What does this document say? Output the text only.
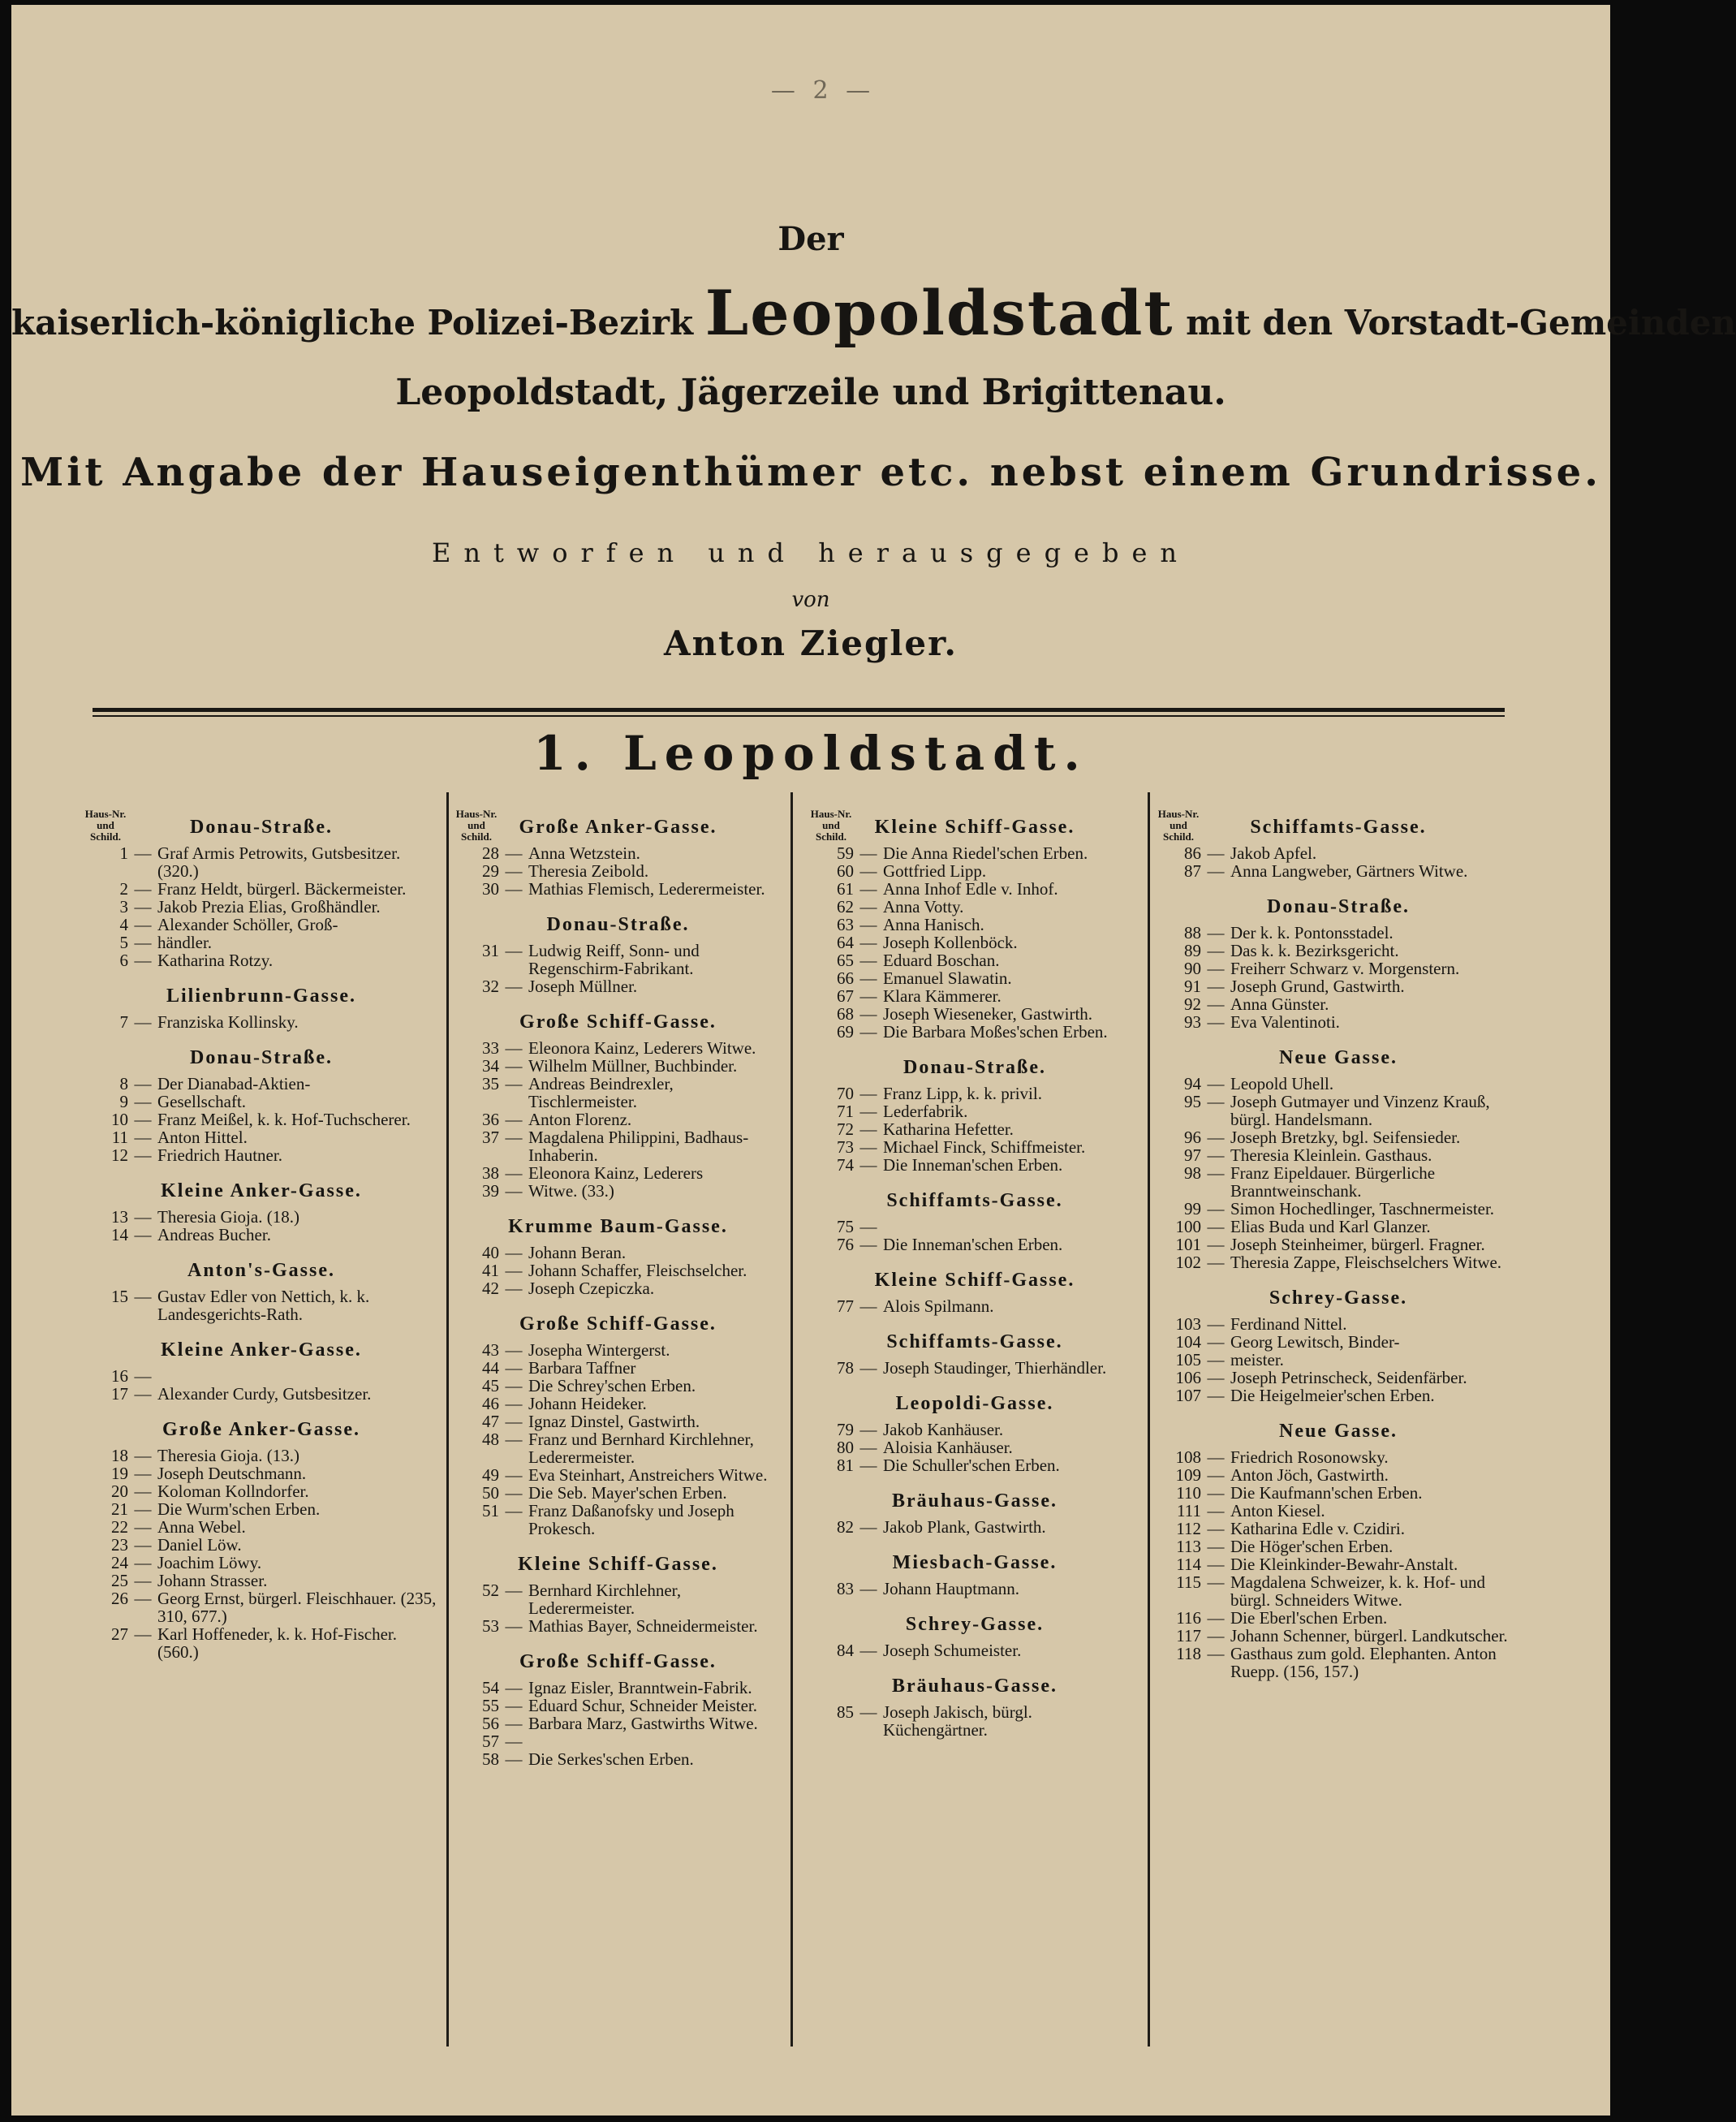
— 2 —
Der
kaiserlich-königliche Polizei-Bezirk Leopoldstadt mit den Vorstadt-Gemeinden
Leopoldstadt, Jägerzeile und Brigittenau.
Mit Angabe der Hauseigenthümer etc. nebst einem Grundrisse.
Entworfen und herausgegeben
von
Anton Ziegler.
1. Leopoldstadt.
Haus-Nr.
und
Schild.	Donau-Straße.
1 — Graf Armis Petrowits, Gutsbesitzer. (320.)
2 — Franz Heldt, bürgerl. Bäckermeister.
3 — Jakob Prezia Elias, Großhändler.
4 — Alexander Schöller, Groß-
5 — händler.
6 — Katharina Rotzy.
Lilienbrunn-Gasse.
7 — Franziska Kollinsky.
Donau-Straße.
8 — Der Dianabad-Aktien-
9 — Gesellschaft.
10 — Franz Meißel, k. k. Hof-Tuchscherer.
11 — Anton Hittel.
12 — Friedrich Hautner.
Kleine Anker-Gasse.
13 — Theresia Gioja. (18.)
14 — Andreas Bucher.
Anton's-Gasse.
15 — Gustav Edler von Nettich, k. k. Landesgerichts-Rath.
Kleine Anker-Gasse.
16 —
17 — Alexander Curdy, Gutsbesitzer.
Große Anker-Gasse.
18 — Theresia Gioja. (13.)
19 — Joseph Deutschmann.
20 — Koloman Kollndorfer.
21 — Die Wurm'schen Erben.
22 — Anna Webel.
23 — Daniel Löw.
24 — Joachim Löwy.
25 — Johann Strasser.
26 — Georg Ernst, bürgerl. Fleischhauer. (235, 310, 677.)
27 — Karl Hoffeneder, k. k. Hof-Fischer. (560.)
Haus-Nr.
und
Schild.	Große Anker-Gasse.
28 — Anna Wetzstein.
29 — Theresia Zeibold.
30 — Mathias Flemisch, Lederermeister.
Donau-Straße.
31 — Ludwig Reiff, Sonn- und Regenschirm-Fabrikant.
32 — Joseph Müllner.
Große Schiff-Gasse.
33 — Eleonora Kainz, Lederers Witwe.
34 — Wilhelm Müllner, Buchbinder.
35 — Andreas Beindrexler, Tischlermeister.
36 — Anton Florenz.
37 — Magdalena Philippini, Badhaus-Inhaberin.
38 — Eleonora Kainz, Lederers
39 — Witwe. (33.)
Krumme Baum-Gasse.
40 — Johann Beran.
41 — Johann Schaffer, Fleischselcher.
42 — Joseph Czepiczka.
Große Schiff-Gasse.
43 — Josepha Wintergerst.
44 — Barbara Taffner
45 — Die Schrey'schen Erben.
46 — Johann Heideker.
47 — Ignaz Dinstel, Gastwirth.
48 — Franz und Bernhard Kirchlehner, Lederermeister.
49 — Eva Steinhart, Anstreichers Witwe.
50 — Die Seb. Mayer'schen Erben.
51 — Franz Daßanofsky und Joseph Prokesch.
Kleine Schiff-Gasse.
52 — Bernhard Kirchlehner, Lederermeister.
53 — Mathias Bayer, Schneidermeister.
Große Schiff-Gasse.
54 — Ignaz Eisler, Branntwein-Fabrik.
55 — Eduard Schur, Schneider Meister.
56 — Barbara Marz, Gastwirths Witwe.
57 —
58 — Die Serkes'schen Erben.
Haus-Nr.
und
Schild.	Kleine Schiff-Gasse.
59 — Die Anna Riedel'schen Erben.
60 — Gottfried Lipp.
61 — Anna Inhof Edle v. Inhof.
62 — Anna Votty.
63 — Anna Hanisch.
64 — Joseph Kollenböck.
65 — Eduard Boschan.
66 — Emanuel Slawatin.
67 — Klara Kämmerer.
68 — Joseph Wieseneker, Gastwirth.
69 — Die Barbara Moßes'schen Erben.
Donau-Straße.
70 — Franz Lipp, k. k. privil.
71 — Lederfabrik.
72 — Katharina Hefetter.
73 — Michael Finck, Schiffmeister.
74 — Die Inneman'schen Erben.
Schiffamts-Gasse.
75 —
76 — Die Inneman'schen Erben.
Kleine Schiff-Gasse.
77 — Alois Spilmann.
Schiffamts-Gasse.
78 — Joseph Staudinger, Thierhändler.
Leopoldi-Gasse.
79 — Jakob Kanhäuser.
80 — Aloisia Kanhäuser.
81 — Die Schuller'schen Erben.
Bräuhaus-Gasse.
82 — Jakob Plank, Gastwirth.
Miesbach-Gasse.
83 — Johann Hauptmann.
Schrey-Gasse.
84 — Joseph Schumeister.
Bräuhaus-Gasse.
85 — Joseph Jakisch, bürgl. Küchengärtner.
Haus-Nr.
und
Schild.	Schiffamts-Gasse.
86 — Jakob Apfel.
87 — Anna Langweber, Gärtners Witwe.
Donau-Straße.
88 — Der k. k. Pontonsstadel.
89 — Das k. k. Bezirksgericht.
90 — Freiherr Schwarz v. Morgenstern.
91 — Joseph Grund, Gastwirth.
92 — Anna Günster.
93 — Eva Valentinoti.
Neue Gasse.
94 — Leopold Uhell.
95 — Joseph Gutmayer und Vinzenz Krauß, bürgl. Handelsmann.
96 — Joseph Bretzky, bgl. Seifensieder.
97 — Theresia Kleinlein. Gasthaus.
98 — Franz Eipeldauer. Bürgerliche Branntweinschank.
99 — Simon Hochedlinger, Taschnermeister.
100 — Elias Buda und Karl Glanzer.
101 — Joseph Steinheimer, bürgerl. Fragner.
102 — Theresia Zappe, Fleischselchers Witwe.
Schrey-Gasse.
103 — Ferdinand Nittel.
104 — Georg Lewitsch, Binder-
105 — meister.
106 — Joseph Petrinscheck, Seidenfärber.
107 — Die Heigelmeier'schen Erben.
Neue Gasse.
108 — Friedrich Rosonowsky.
109 — Anton Jöch, Gastwirth.
110 — Die Kaufmann'schen Erben.
111 — Anton Kiesel.
112 — Katharina Edle v. Czidiri.
113 — Die Höger'schen Erben.
114 — Die Kleinkinder-Bewahr-Anstalt.
115 — Magdalena Schweizer, k. k. Hof- und bürgl. Schneiders Witwe.
116 — Die Eberl'schen Erben.
117 — Johann Schenner, bürgerl. Landkutscher.
118 — Gasthaus zum gold. Elephanten. Anton Ruepp. (156, 157.)
